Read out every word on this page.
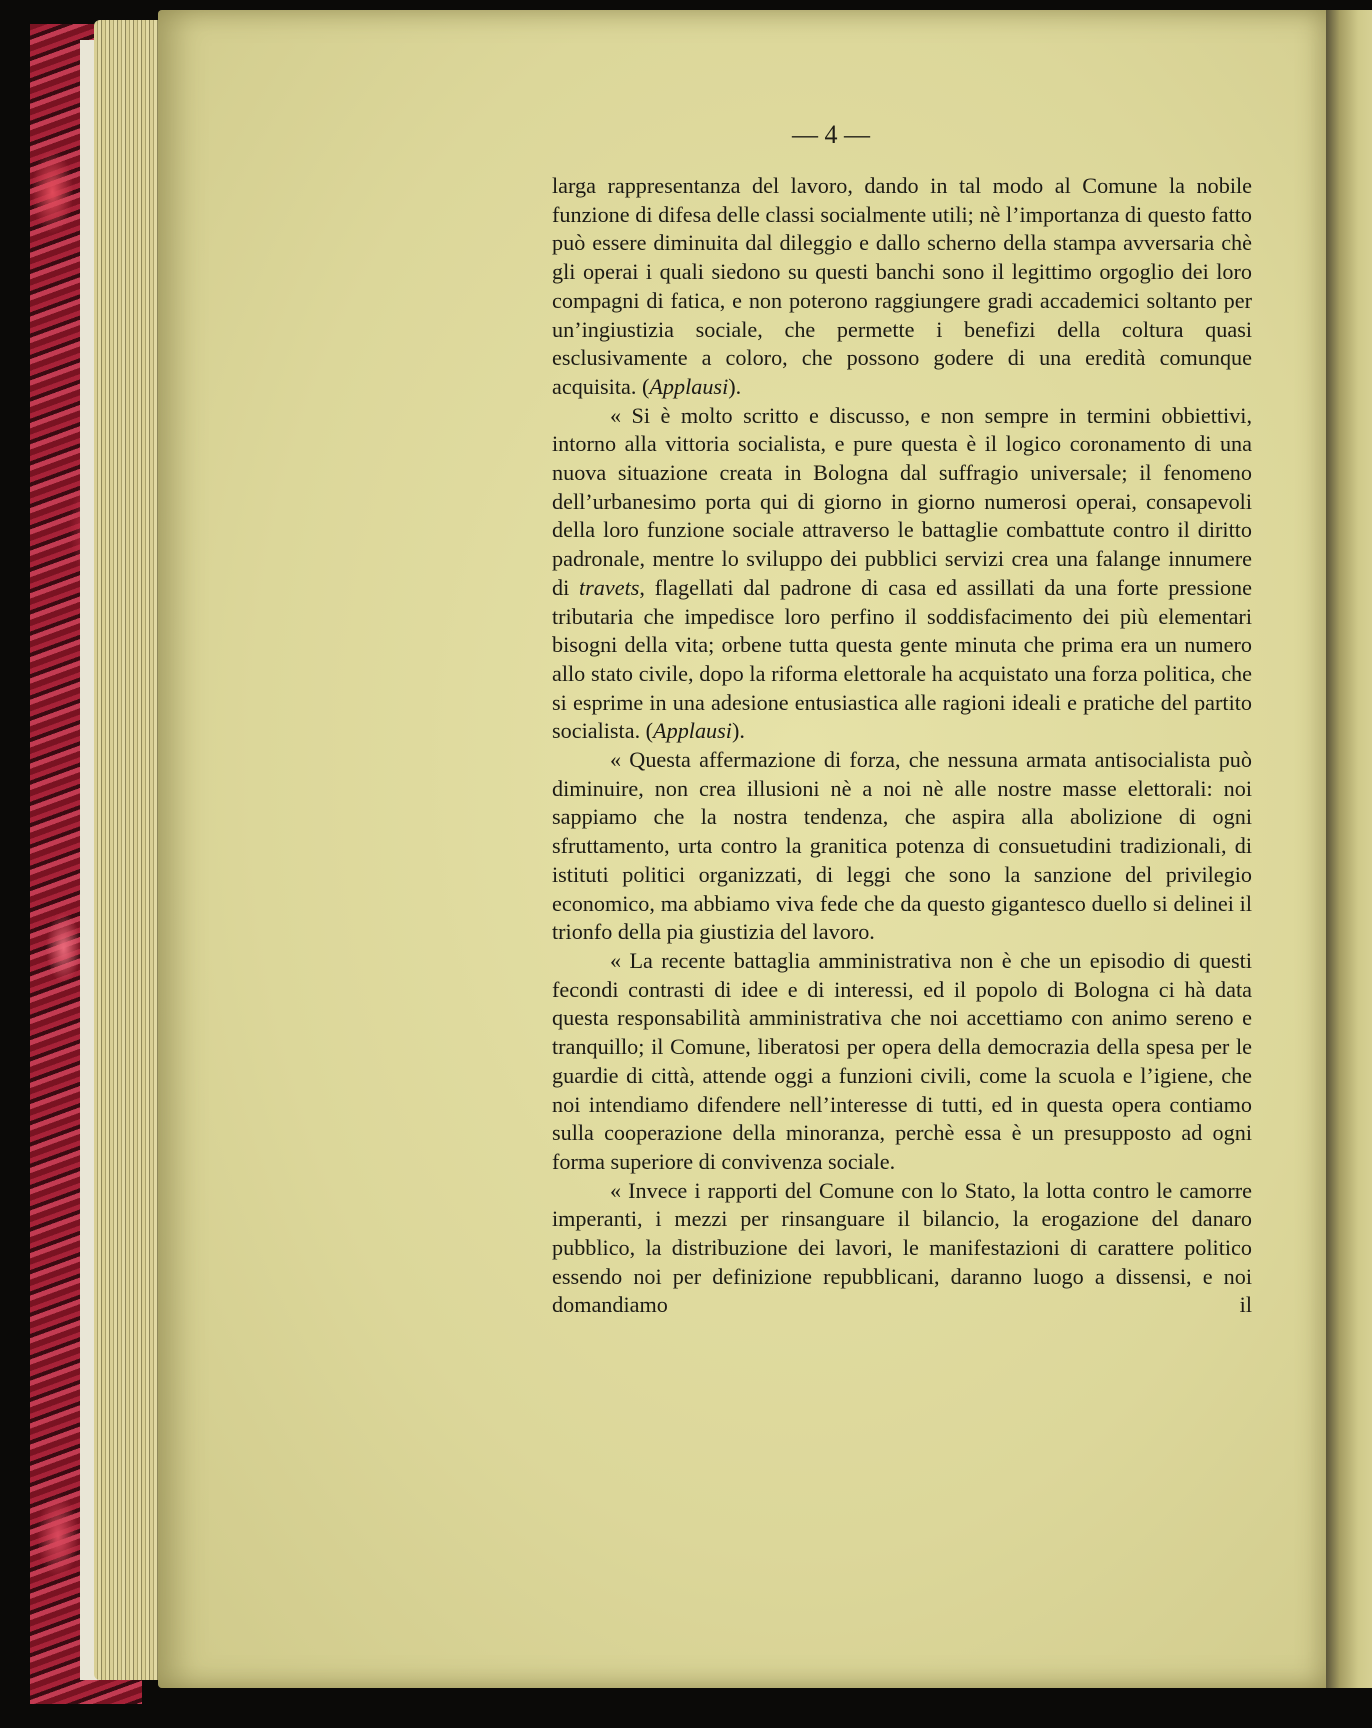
— 4 —

larga rappresentanza del lavoro, dando in tal modo al Comune la nobile funzione di difesa delle classi socialmente utili; nè l’importanza di questo fatto può essere diminuita dal dileggio e dallo scherno della stampa avversaria chè gli operai i quali siedono su questi banchi sono il legittimo orgoglio dei loro compagni di fatica, e non poterono raggiungere gradi accademici soltanto per un’ingiustizia sociale, che permette i benefizi della coltura quasi esclusivamente a coloro, che possono godere di una eredità comunque acquisita. (Applausi).

« Si è molto scritto e discusso, e non sempre in termini obbiettivi, intorno alla vittoria socialista, e pure questa è il logico coronamento di una nuova situazione creata in Bologna dal suffragio universale; il fenomeno dell’urbanesimo porta qui di giorno in giorno numerosi operai, consapevoli della loro funzione sociale attraverso le battaglie combattute contro il diritto padronale, mentre lo sviluppo dei pubblici servizi crea una falange innumere di travets, flagellati dal padrone di casa ed assillati da una forte pressione tributaria che impedisce loro perfino il soddisfacimento dei più elementari bisogni della vita; orbene tutta questa gente minuta che prima era un numero allo stato civile, dopo la riforma elettorale ha acquistato una forza politica, che si esprime in una adesione entusiastica alle ragioni ideali e pratiche del partito socialista. (Applausi).

« Questa affermazione di forza, che nessuna armata antisocialista può diminuire, non crea illusioni nè a noi nè alle nostre masse elettorali: noi sappiamo che la nostra tendenza, che aspira alla abolizione di ogni sfruttamento, urta contro la granitica potenza di consuetudini tradizionali, di istituti politici organizzati, di leggi che sono la sanzione del privilegio economico, ma abbiamo viva fede che da questo gigantesco duello si delinei il trionfo della pia giustizia del lavoro.

« La recente battaglia amministrativa non è che un episodio di questi fecondi contrasti di idee e di interessi, ed il popolo di Bologna ci hà data questa responsabilità amministrativa che noi accettiamo con animo sereno e tranquillo; il Comune, liberatosi per opera della democrazia della spesa per le guardie di città, attende oggi a funzioni civili, come la scuola e l’igiene, che noi intendiamo difendere nell’interesse di tutti, ed in questa opera contiamo sulla cooperazione della minoranza, perchè essa è un presupposto ad ogni forma superiore di convivenza sociale.

« Invece i rapporti del Comune con lo Stato, la lotta contro le camorre imperanti, i mezzi per rinsanguare il bilancio, la erogazione del danaro pubblico, la distribuzione dei lavori, le manifestazioni di carattere politico essendo noi per definizione repubblicani, daranno luogo a dissensi, e noi domandiamo il
